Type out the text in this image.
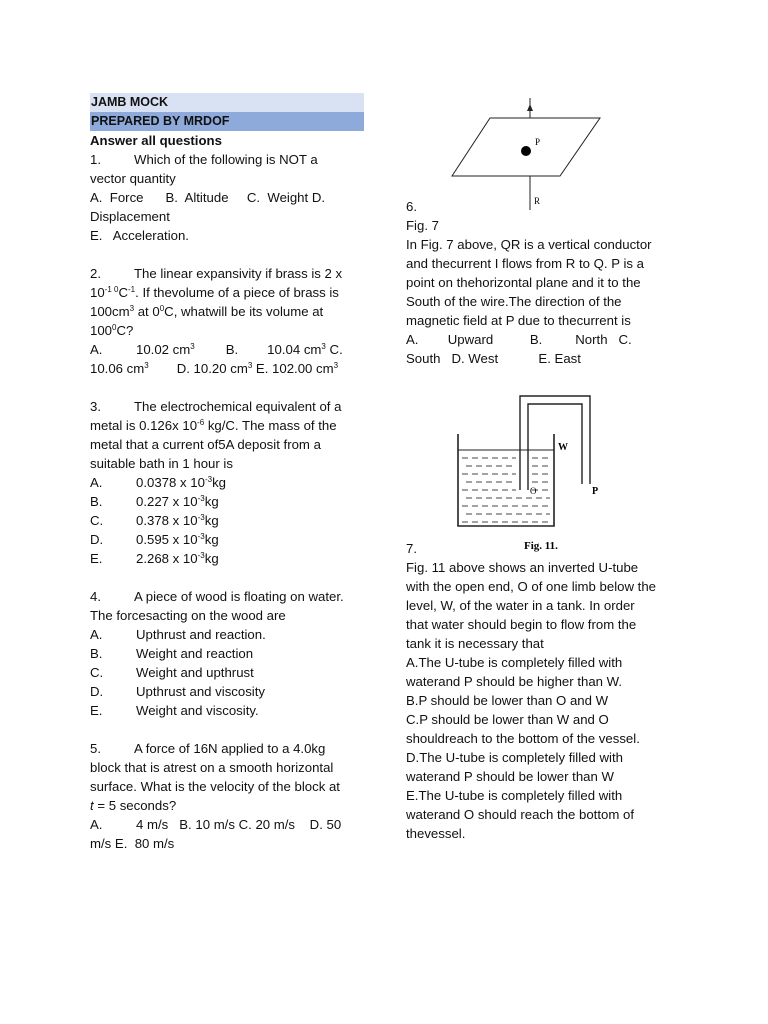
JAMB MOCK
PREPARED BY MRDOF
Answer all questions
1.	Which of the following is NOT a
vector quantity
A.  Force      B.  Altitude     C.  Weight D.
Displacement
E.   Acceleration.
2.	The linear expansivity if brass is 2 x
$10^{-1}$ $^0C^{-1}$. If thevolume of a piece of brass is
$100cm^3$ at $0^0C$, whatwill be its volume at
$100^0C$?
A.	10.02 $cm^3$ B. 10.04 $cm^3$ C.
10.06 $cm^3$ D. 10.20 $cm^3$ E. 102.00 $cm^3$
3.	The electrochemical equivalent of a
metal is 0.126x $10^{-6}$ kg/C. The mass of the
metal that a current of5A deposit from a
suitable bath in 1 hour is
A.	0.0378 x $10^{-3}kg$
B.	0.227 x $10^{-3}kg$
C.	0.378 x $10^{-3}kg$
D.	0.595 x $10^{-3}kg$
E.	2.268 x $10^{-3}kg$
4.	A piece of wood is floating on water.
The forcesacting on the wood are
A.	Upthrust and reaction.
B.	Weight and reaction
C.	Weight and upthrust
D.	Upthrust and viscosity
E.	Weight and viscosity.
5.	A force of 16N applied to a 4.0kg
block that is atrest on a smooth horizontal
surface. What is the velocity of the block at
t = 5 seconds?
A.	4 m/s   B. 10 m/s C. 20 m/s    D. 50
m/s E.  80 m/s
P
R
W
O	P
Fig. 11.
6.
Fig. 7
In Fig. 7 above, QR is a vertical conductor
and thecurrent I flows from R to Q. P is a
point on thehorizontal plane and it to the
South of the wire.The direction of the
magnetic field at P due to thecurrent is
A.        Upward          B.         North   C.
South   D. West           E. East
7.
Fig. 11 above shows an inverted U-tube
with the open end, O of one limb below the
level, W, of the water in a tank. In order
that water should begin to flow from the
tank it is necessary that
A.The U-tube is completely filled with
waterand P should be higher than W.
B.P should be lower than O and W
C.P should be lower than W and O
shouldreach to the bottom of the vessel.
D.The U-tube is completely filled with
waterand P should be lower than W
E.The U-tube is completely filled with
waterand O should reach the bottom of
thevessel.
